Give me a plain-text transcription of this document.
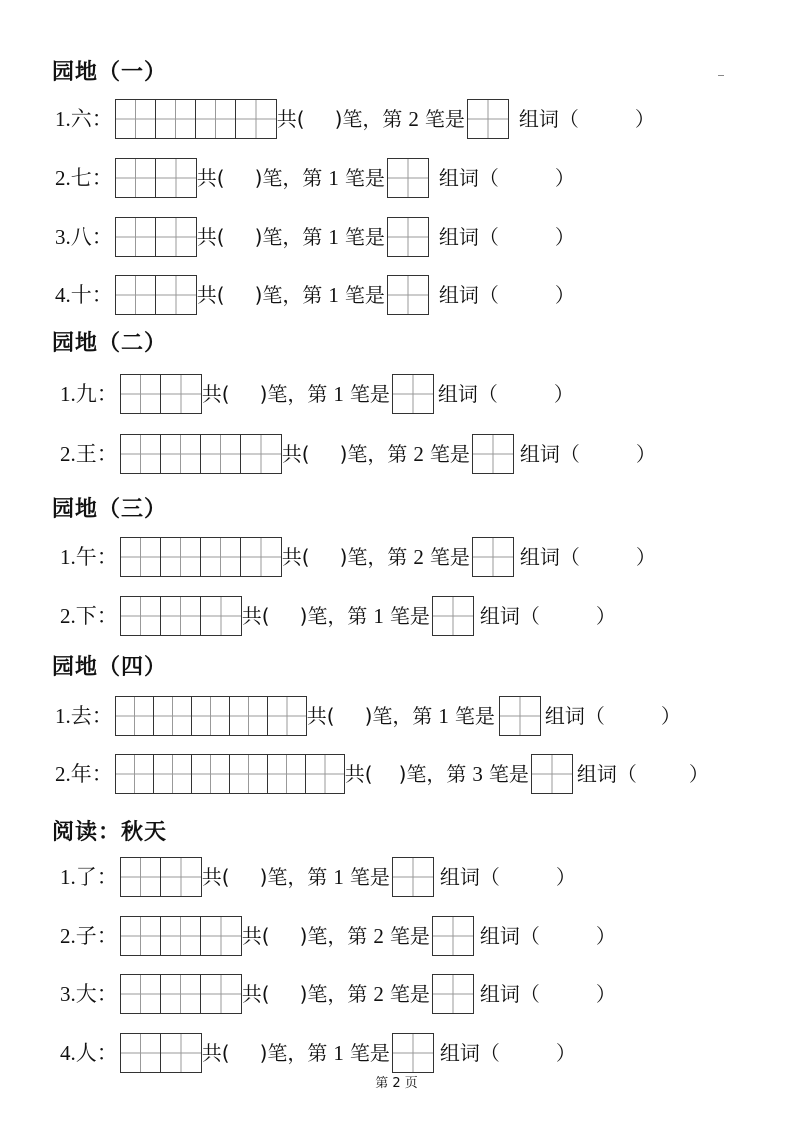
园地（一）
1.六：	共( )笔，第 2 笔是	组词（	）
2.七：	共( )笔，第 1 笔是	组词（	）
3.八：	共( )笔，第 1 笔是	组词（	）
4.十：	共( )笔，第 1 笔是	组词（	）
园地（二）
1.九：	共( )笔，第 1 笔是 组词（	）
2.王：	共( )笔，第 2 笔是	组词（	）
园地（三）
1.午：	共( )笔，第 2 笔是	组词（	）
2.下：	共( )笔，第 1 笔是	组词（	）
园地（四）
1.去：	共( )笔，第 1 笔是	组词（	）
2.年：	共( )笔，第 3 笔是 组词（	）
阅读：秋天
1.了：	共( )笔，第 1 笔是	组词（	）
2.子：	共( )笔，第 2 笔是	组词（	）
3.大：	共( )笔，第 2 笔是	组词（	）
4.人：	共( )笔，第 1 笔是	组词（	）
第 2 页
